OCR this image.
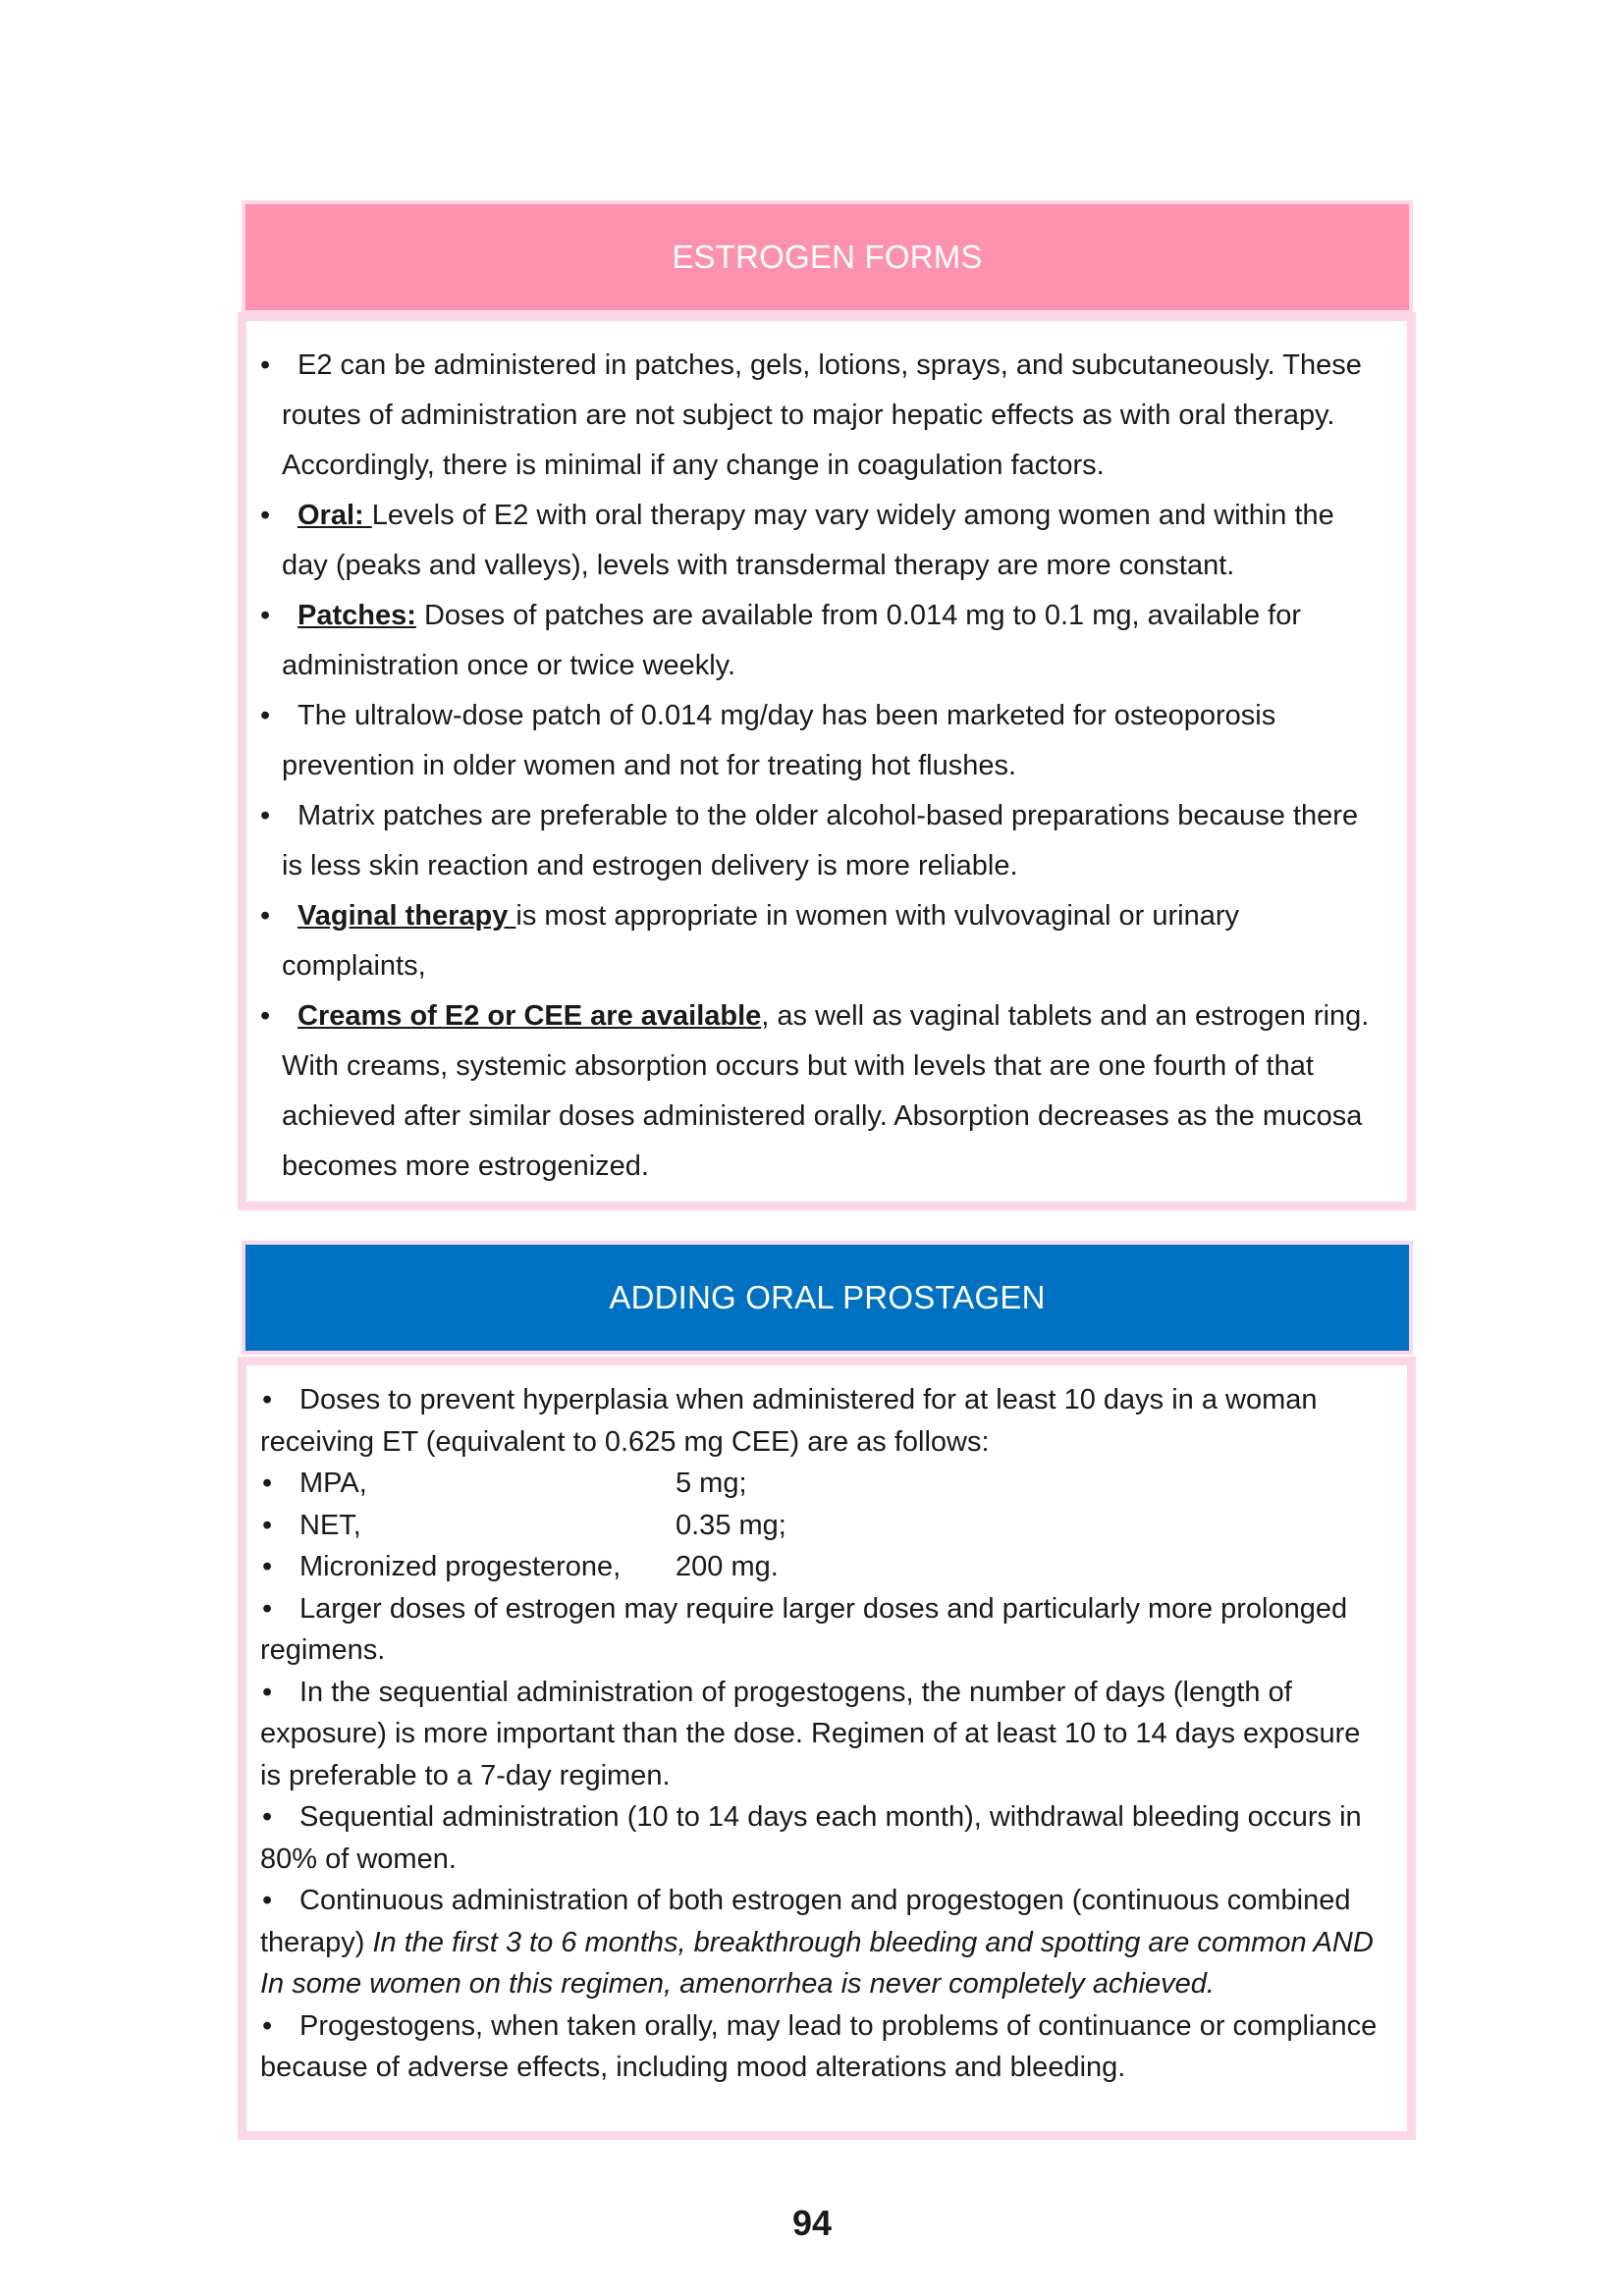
ESTROGEN FORMS
• E2 can be administered in patches, gels, lotions, sprays, and subcutaneously. These routes of administration are not subject to major hepatic effects as with oral therapy. Accordingly, there is minimal if any change in coagulation factors.
• Oral: Levels of E2 with oral therapy may vary widely among women and within the day (peaks and valleys), levels with transdermal therapy are more constant.
• Patches: Doses of patches are available from 0.014 mg to 0.1 mg, available for administration once or twice weekly.
• The ultralow-dose patch of 0.014 mg/day has been marketed for osteoporosis prevention in older women and not for treating hot flushes.
• Matrix patches are preferable to the older alcohol-based preparations because there is less skin reaction and estrogen delivery is more reliable.
• Vaginal therapy is most appropriate in women with vulvovaginal or urinary complaints,
• Creams of E2 or CEE are available, as well as vaginal tablets and an estrogen ring. With creams, systemic absorption occurs but with levels that are one fourth of that achieved after similar doses administered orally. Absorption decreases as the mucosa becomes more estrogenized.
ADDING ORAL PROSTAGEN

• Doses to prevent hyperplasia when administered for at least 10 days in a woman receiving ET (equivalent to 0.625 mg CEE) are as follows:

• MPA,	5 mg;

• NET,	0.35 mg;

• Micronized progesterone,	200 mg.

• Larger doses of estrogen may require larger doses and particularly more prolonged regimens.

• In the sequential administration of progestogens, the number of days (length of exposure) is more important than the dose. Regimen of at least 10 to 14 days exposure is preferable to a 7-day regimen.

• Sequential administration (10 to 14 days each month), withdrawal bleeding occurs in 80% of women.

• Continuous administration of both estrogen and progestogen (continuous combined therapy) In the first 3 to 6 months, breakthrough bleeding and spotting are common AND In some women on this regimen, amenorrhea is never completely achieved.

• Progestogens, when taken orally, may lead to problems of continuance or compliance because of adverse effects, including mood alterations and bleeding.

94
